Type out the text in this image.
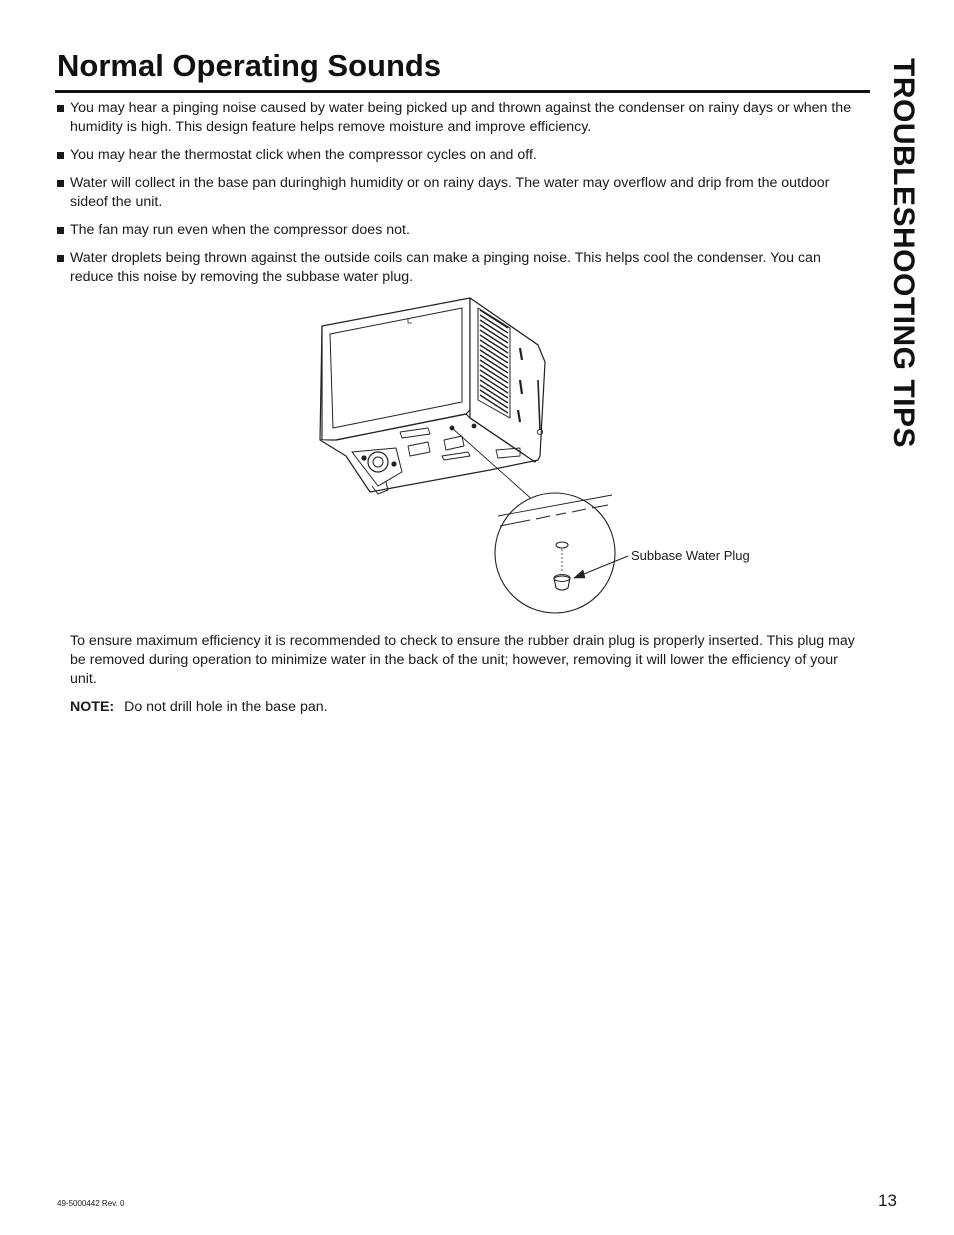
Normal Operating Sounds	TROUBLESHOOTING TIPS
You may hear a pinging noise caused by water being picked up and thrown against the condenser on rainy days or when the humidity is high. This design feature helps remove moisture and improve efficiency.
You may hear the thermostat click when the compressor cycles on and off.
Water will collect in the base pan duringhigh humidity or on rainy days. The water may overflow and drip from the outdoor sideof the unit.
The fan may run even when the compressor does not.
Water droplets being thrown against the outside coils can make a pinging noise. This helps cool the condenser. You can reduce this noise by removing the subbase water plug.
Subbase Water Plug

To ensure maximum efficiency it is recommended to check to ensure the rubber drain plug is properly inserted. This plug may be removed during operation to minimize water in the back of the unit; however, removing it will lower the efficiency of your unit.

NOTE: Do not drill hole in the base pan.

13
49-5000442 Rev. 0
